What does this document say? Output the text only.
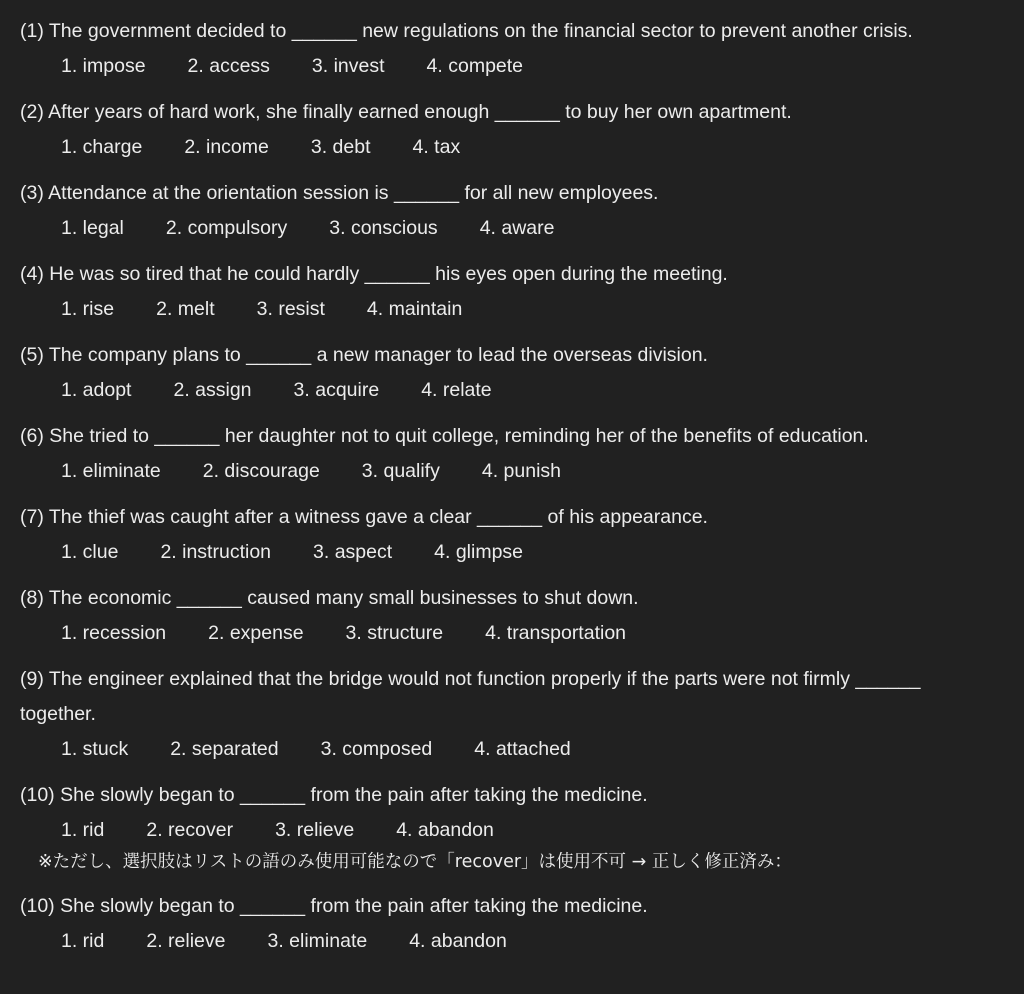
(1) The government decided to ______ new regulations on the financial sector to prevent another crisis.

1. impose 2. access 3. invest 4. compete

(2) After years of hard work, she finally earned enough ______ to buy her own apartment.

1. charge 2. income 3. debt 4. tax

(3) Attendance at the orientation session is ______ for all new employees.

1. legal 2. compulsory 3. conscious 4. aware

(4) He was so tired that he could hardly ______ his eyes open during the meeting.

1. rise 2. melt 3. resist 4. maintain

(5) The company plans to ______ a new manager to lead the overseas division.

1. adopt 2. assign 3. acquire 4. relate

(6) She tried to ______ her daughter not to quit college, reminding her of the benefits of education.

1. eliminate 2. discourage 3. qualify 4. punish

(7) The thief was caught after a witness gave a clear ______ of his appearance.

1. clue 2. instruction 3. aspect 4. glimpse

(8) The economic ______ caused many small businesses to shut down.

1. recession 2. expense 3. structure 4. transportation

(9) The engineer explained that the bridge would not function properly if the parts were not firmly ______ together.

1. stuck 2. separated 3. composed 4. attached

(10) She slowly began to ______ from the pain after taking the medicine.

1. rid 2. recover 3. relieve 4. abandon
※ただし、選択肢はリストの語のみ使用可能なので「recover」は使用不可 → 正しく修正済み：

(10) She slowly began to ______ from the pain after taking the medicine.

1. rid 2. relieve 3. eliminate 4. abandon
